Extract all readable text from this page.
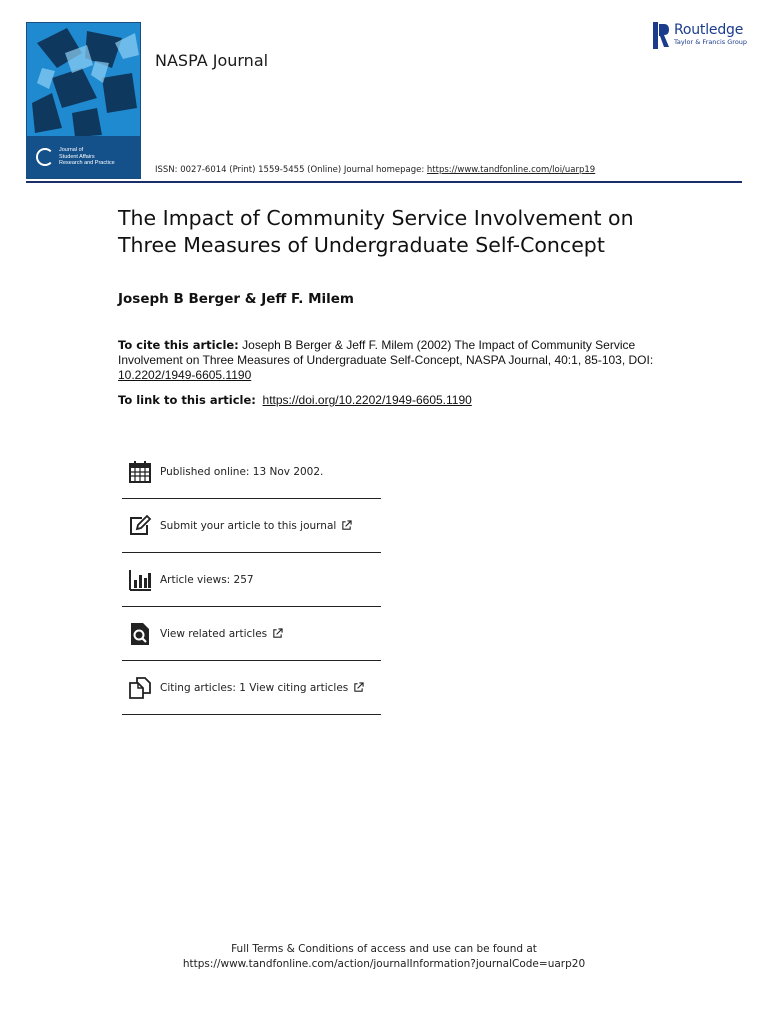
Journal of
Student Affairs
Research and Practice
NASPA Journal
ISSN: 0027-6014 (Print) 1559-5455 (Online) Journal homepage: https://www.tandfonline.com/loi/uarp19
Routledge
Taylor & Francis Group
The Impact of Community Service Involvement on Three Measures of Undergraduate Self-Concept
Joseph B Berger & Jeff F. Milem
To cite this article: Joseph B Berger & Jeff F. Milem (2002) The Impact of Community Service Involvement on Three Measures of Undergraduate Self-Concept, NASPA Journal, 40:1, 85-103, DOI: 10.2202/1949-6605.1190
To link to this article: https://doi.org/10.2202/1949-6605.1190
Published online: 13 Nov 2002.
Submit your article to this journal
Article views: 257
View related articles
Citing articles: 1 View citing articles
Full Terms & Conditions of access and use can be found at
https://www.tandfonline.com/action/journalInformation?journalCode=uarp20
